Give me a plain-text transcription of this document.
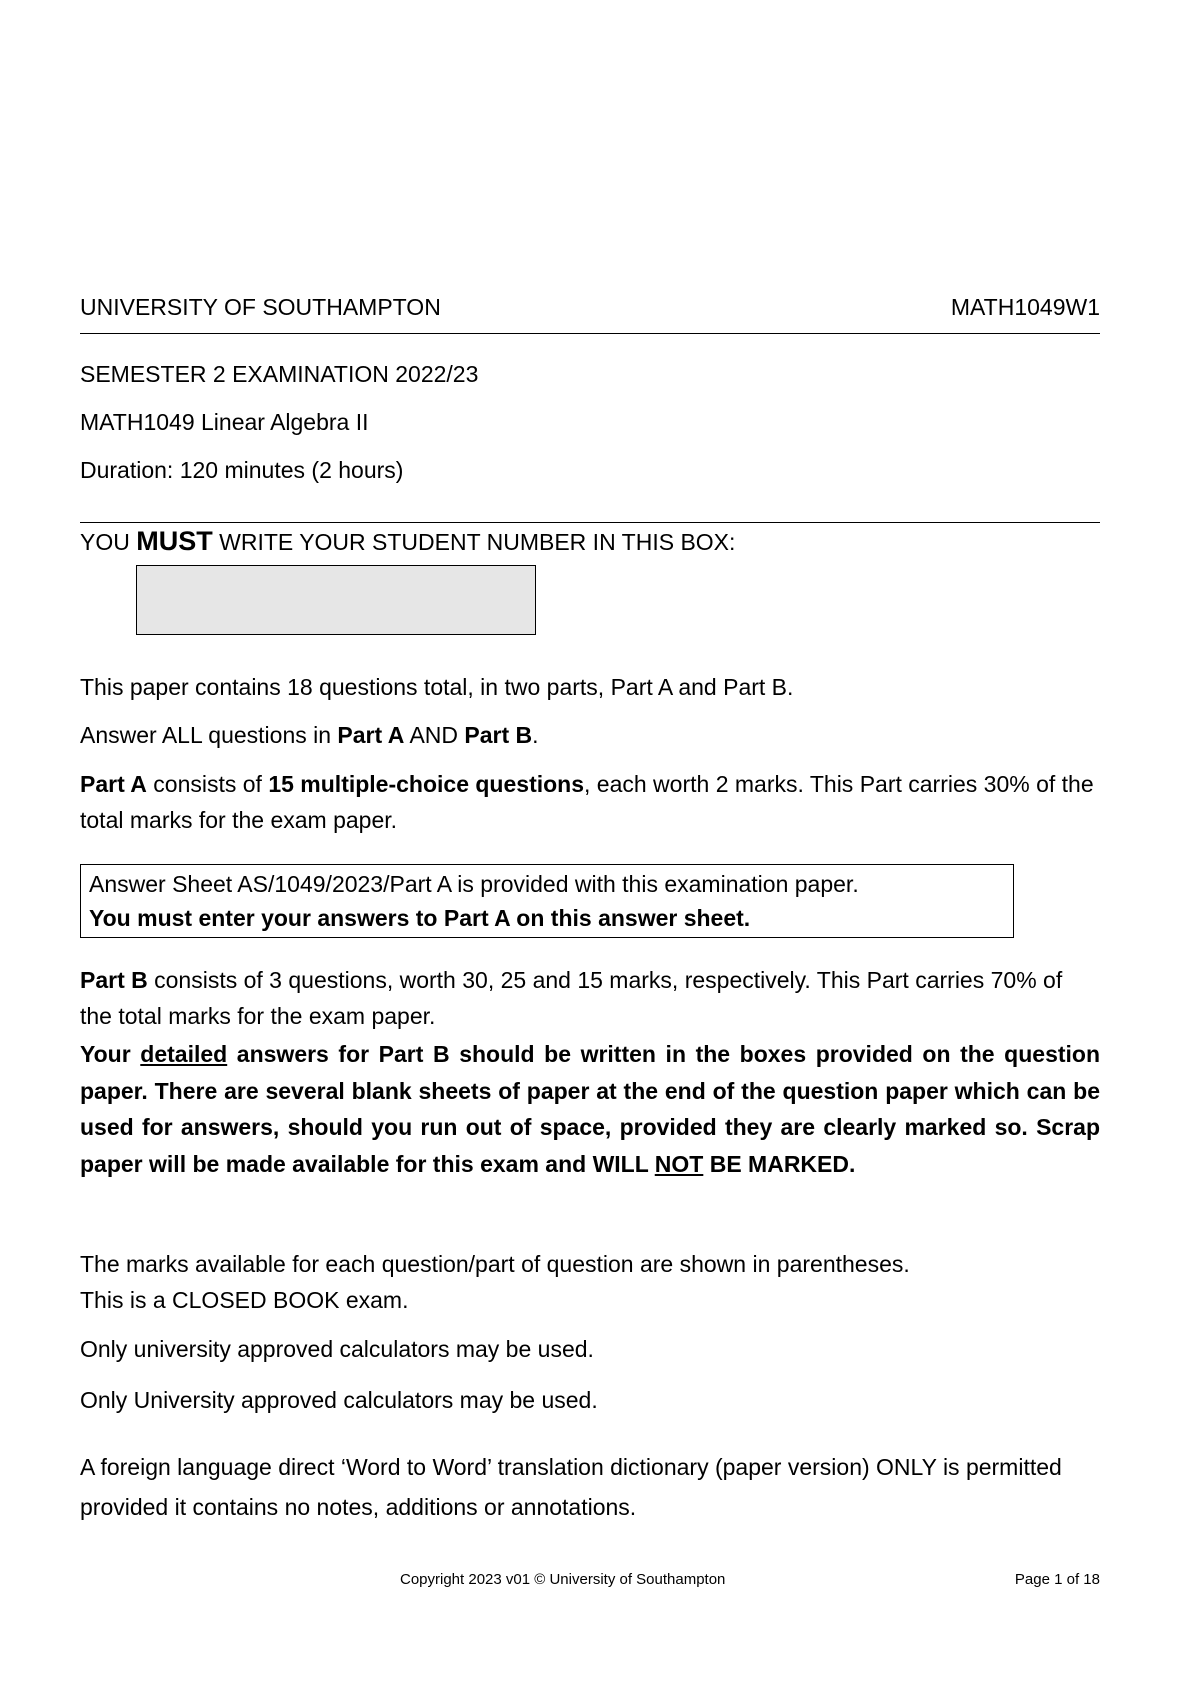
UNIVERSITY OF SOUTHAMPTON	MATH1049W1
SEMESTER 2 EXAMINATION 2022/23
MATH1049 Linear Algebra II
Duration: 120 minutes (2 hours)
YOU MUST WRITE YOUR STUDENT NUMBER IN THIS BOX:
This paper contains 18 questions total, in two parts, Part A and Part B.
Answer ALL questions in Part A AND Part B.
Part A consists of 15 multiple-choice questions, each worth 2 marks. This Part carries 30% of the total marks for the exam paper.
Answer Sheet AS/1049/2023/Part A is provided with this examination paper.
You must enter your answers to Part A on this answer sheet.
Part B consists of 3 questions, worth 30, 25 and 15 marks, respectively. This Part carries 70% of the total marks for the exam paper.
Your detailed answers for Part B should be written in the boxes provided on the question paper. There are several blank sheets of paper at the end of the question paper which can be used for answers, should you run out of space, provided they are clearly marked so. Scrap paper will be made available for this exam and WILL NOT BE MARKED.
The marks available for each question/part of question are shown in parentheses.
This is a CLOSED BOOK exam.
Only university approved calculators may be used.
Only University approved calculators may be used.
A foreign language direct ‘Word to Word’ translation dictionary (paper version) ONLY is permitted provided it contains no notes, additions or annotations.
Copyright 2023 v01 © University of Southampton	Page 1 of 18
